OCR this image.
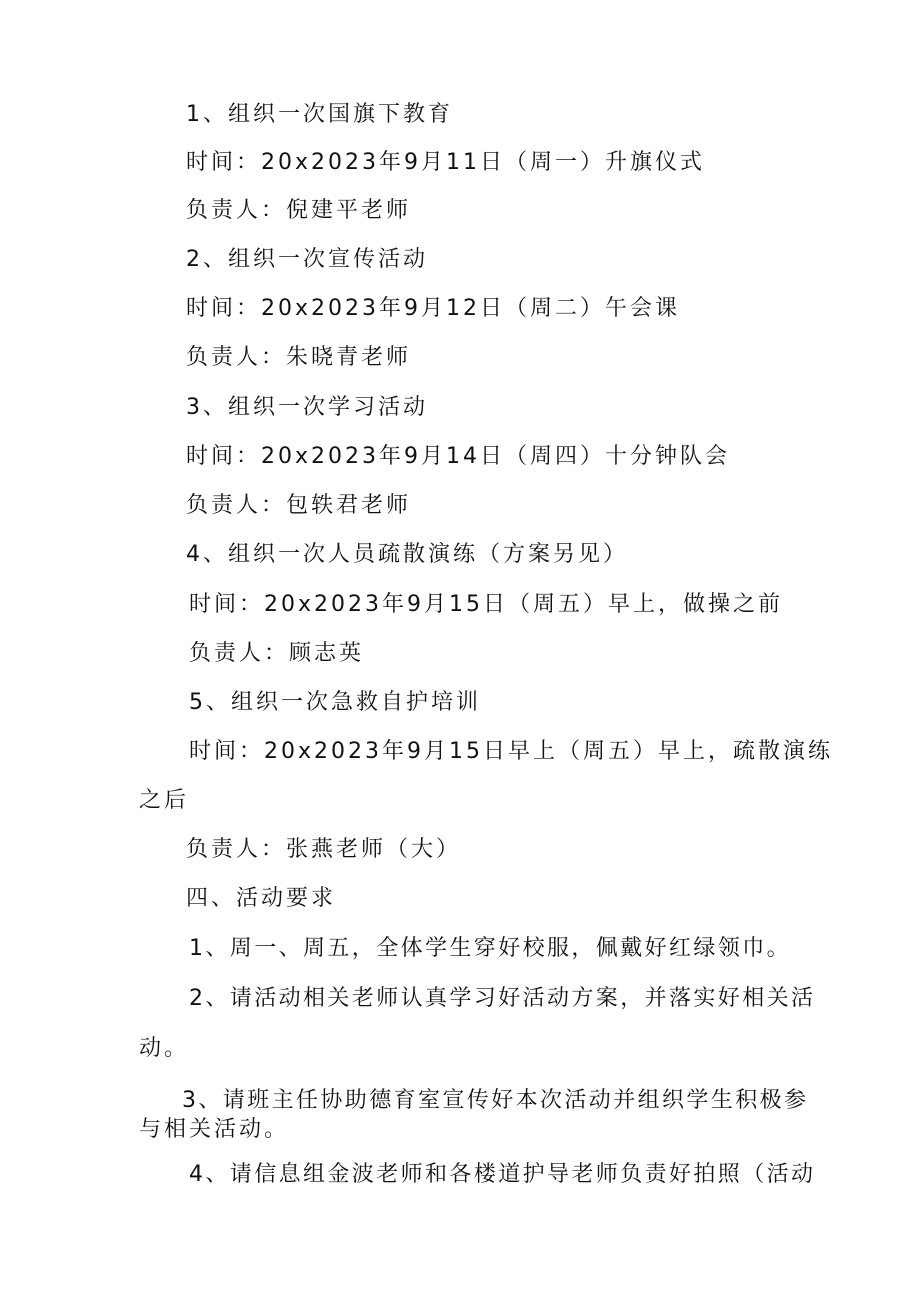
1、组织一次国旗下教育
时间：20x2023年9月11日（周一）升旗仪式
负责人：倪建平老师
2、组织一次宣传活动
时间：20x2023年9月12日（周二）午会课
负责人：朱晓青老师
3、组织一次学习活动
时间：20x2023年9月14日（周四）十分钟队会
负责人：包轶君老师
4、组织一次人员疏散演练（方案另见）
时间：20x2023年9月15日（周五）早上，做操之前
负责人：顾志英
5、组织一次急救自护培训
时间：20x2023年9月15日早上（周五）早上，疏散演练
之后
负责人：张燕老师（大）
四、活动要求
1、周一、周五，全体学生穿好校服，佩戴好红绿领巾。
2、请活动相关老师认真学习好活动方案，并落实好相关活
动。
3、请班主任协助德育室宣传好本次活动并组织学生积极参
与相关活动。
4、请信息组金波老师和各楼道护导老师负责好拍照（活动
